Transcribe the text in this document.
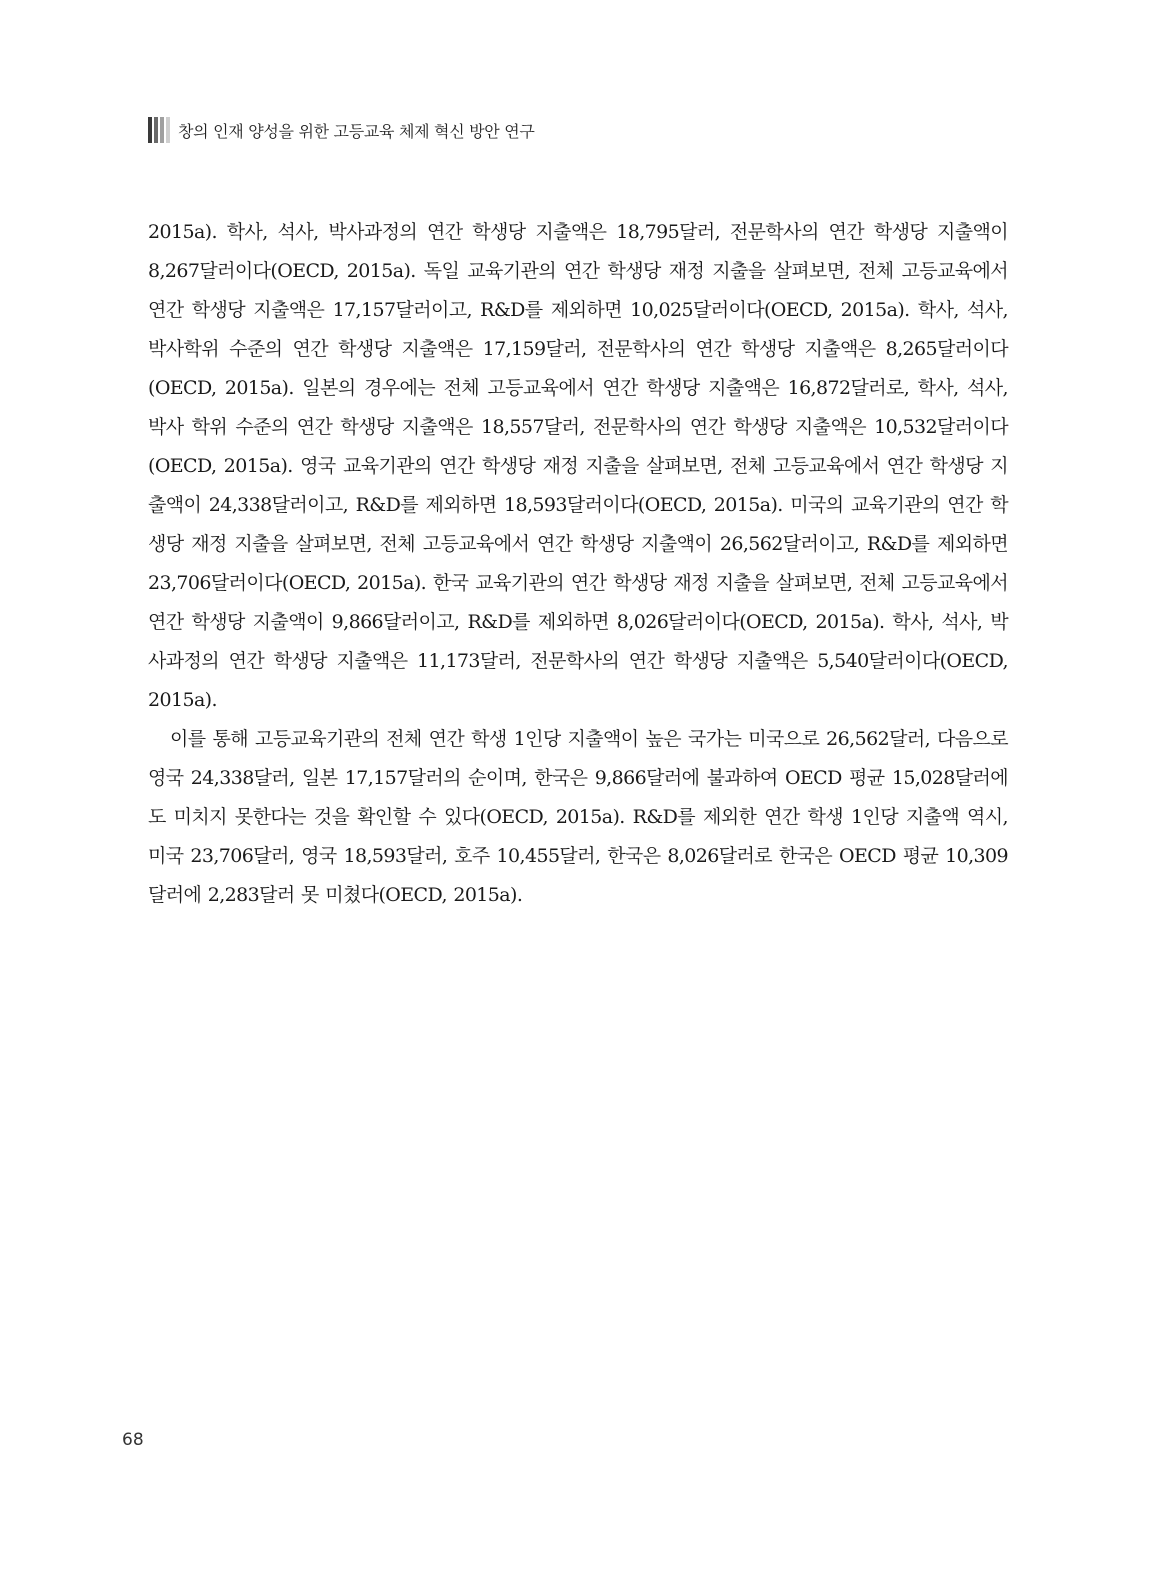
창의 인재 양성을 위한 고등교육 체제 혁신 방안 연구

2015a). 학사, 석사, 박사과정의 연간 학생당 지출액은 18,795달러, 전문학사의 연간 학생당 지출액이 8,267달러이다(OECD, 2015a). 독일 교육기관의 연간 학생당 재정 지출을 살펴보면, 전체 고등교육에서 연간 학생당 지출액은 17,157달러이고, R&D를 제외하면 10,025달러이다(OECD, 2015a). 학사, 석사, 박사학위 수준의 연간 학생당 지출액은 17,159달러, 전문학사의 연간 학생당 지출액은 8,265달러이다(OECD, 2015a). 일본의 경우에는 전체 고등교육에서 연간 학생당 지출액은 16,872달러로, 학사, 석사, 박사 학위 수준의 연간 학생당 지출액은 18,557달러, 전문학사의 연간 학생당 지출액은 10,532달러이다(OECD, 2015a). 영국 교육기관의 연간 학생당 재정 지출을 살펴보면, 전체 고등교육에서 연간 학생당 지출액이 24,338달러이고, R&D를 제외하면 18,593달러이다(OECD, 2015a). 미국의 교육기관의 연간 학생당 재정 지출을 살펴보면, 전체 고등교육에서 연간 학생당 지출액이 26,562달러이고, R&D를 제외하면 23,706달러이다(OECD, 2015a). 한국 교육기관의 연간 학생당 재정 지출을 살펴보면, 전체 고등교육에서 연간 학생당 지출액이 9,866달러이고, R&D를 제외하면 8,026달러이다(OECD, 2015a). 학사, 석사, 박사과정의 연간 학생당 지출액은 11,173달러, 전문학사의 연간 학생당 지출액은 5,540달러이다(OECD, 2015a).

이를 통해 고등교육기관의 전체 연간 학생 1인당 지출액이 높은 국가는 미국으로 26,562달러, 다음으로 영국 24,338달러, 일본 17,157달러의 순이며, 한국은 9,866달러에 불과하여 OECD 평균 15,028달러에도 미치지 못한다는 것을 확인할 수 있다(OECD, 2015a). R&D를 제외한 연간 학생 1인당 지출액 역시, 미국 23,706달러, 영국 18,593달러, 호주 10,455달러, 한국은 8,026달러로 한국은 OECD 평균 10,309달러에 2,283달러 못 미쳤다(OECD, 2015a).

68
